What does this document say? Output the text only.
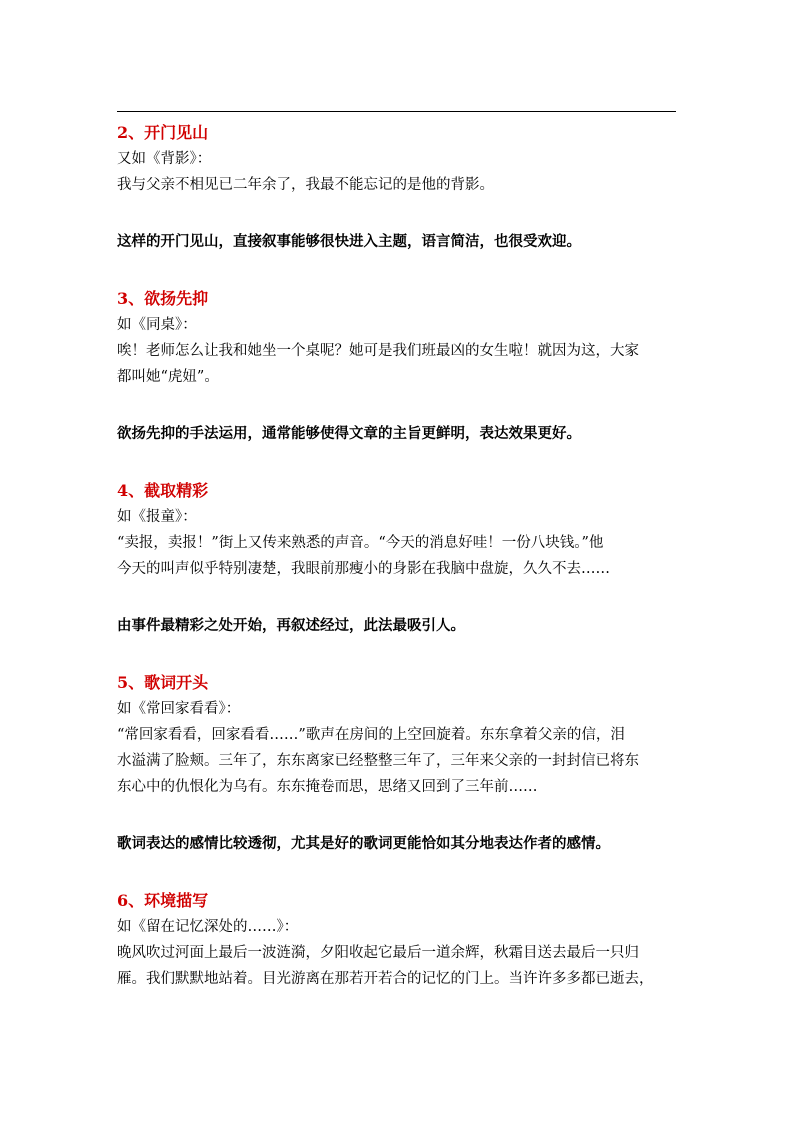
2、开门见山
又如《背影》：
我与父亲不相见已二年余了，我最不能忘记的是他的背影。
这样的开门见山，直接叙事能够很快进入主题，语言简洁，也很受欢迎。
3、欲扬先抑
如《同桌》：
唉！老师怎么让我和她坐一个桌呢？她可是我们班最凶的女生啦！就因为这，大家
都叫她“虎妞”。
欲扬先抑的手法运用，通常能够使得文章的主旨更鲜明，表达效果更好。
4、截取精彩
如《报童》：
“卖报，卖报！”街上又传来熟悉的声音。“今天的消息好哇！一份八块钱。”他
今天的叫声似乎特别凄楚，我眼前那瘦小的身影在我脑中盘旋，久久不去……
由事件最精彩之处开始，再叙述经过，此法最吸引人。
5、歌词开头
如《常回家看看》：
“常回家看看，回家看看……”歌声在房间的上空回旋着。东东拿着父亲的信，泪
水溢满了脸颊。三年了，东东离家已经整整三年了，三年来父亲的一封封信已将东
东心中的仇恨化为乌有。东东掩卷而思，思绪又回到了三年前……
歌词表达的感情比较透彻，尤其是好的歌词更能恰如其分地表达作者的感情。
6、环境描写
如《留在记忆深处的……》：
晚风吹过河面上最后一波涟漪，夕阳收起它最后一道余辉，秋霜目送去最后一只归
雁。我们默默地站着。目光游离在那若开若合的记忆的门上。当许许多多都已逝去，
